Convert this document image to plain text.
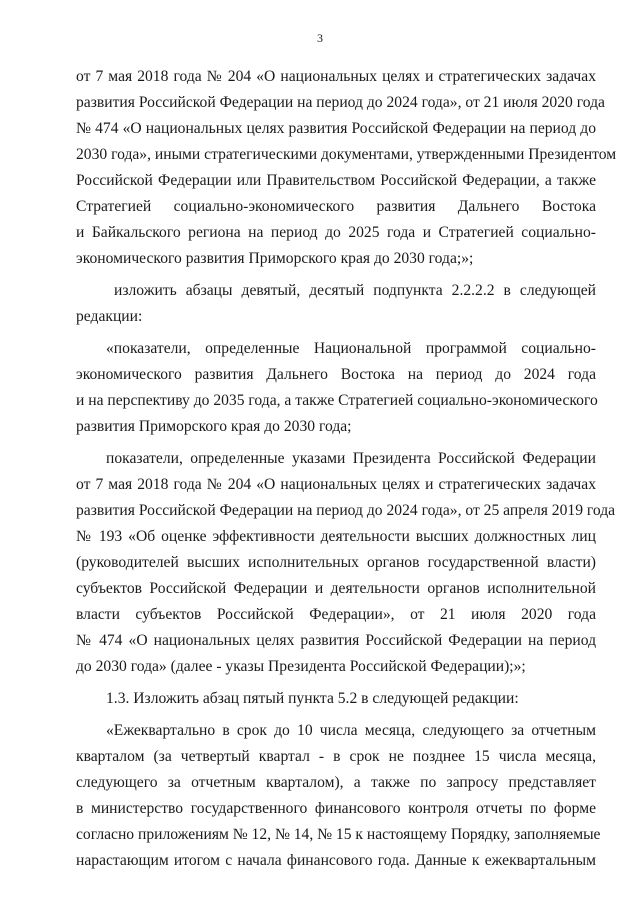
3
от 7 мая 2018 года № 204 «О национальных целях и стратегических задачах
развития Российской Федерации на период до 2024 года», от 21 июля 2020 года
№ 474 «О национальных целях развития Российской Федерации на период до
2030 года», иными стратегическими документами, утвержденными Президентом
Российской Федерации или Правительством Российской Федерации, а также
Стратегией социально-экономического развития Дальнего Востока
и Байкальского региона на период до 2025 года и Стратегией социально-
экономического развития Приморского края до 2030 года;»;
изложить абзацы девятый, десятый подпункта 2.2.2.2 в следующей
редакции:
«показатели, определенные Национальной программой социально-
экономического развития Дальнего Востока на период до 2024 года
и на перспективу до 2035 года, а также Стратегией социально-экономического
развития Приморского края до 2030 года;
показатели, определенные указами Президента Российской Федерации
от 7 мая 2018 года № 204 «О национальных целях и стратегических задачах
развития Российской Федерации на период до 2024 года», от 25 апреля 2019 года
№ 193 «Об оценке эффективности деятельности высших должностных лиц
(руководителей высших исполнительных органов государственной власти)
субъектов Российской Федерации и деятельности органов исполнительной
власти субъектов Российской Федерации», от 21 июля 2020 года
№ 474 «О национальных целях развития Российской Федерации на период
до 2030 года» (далее - указы Президента Российской Федерации);»;
1.3. Изложить абзац пятый пункта 5.2 в следующей редакции:
«Ежеквартально в срок до 10 числа месяца, следующего за отчетным
кварталом (за четвертый квартал - в срок не позднее 15 числа месяца,
следующего за отчетным кварталом), а также по запросу представляет
в министерство государственного финансового контроля отчеты по форме
согласно приложениям № 12, № 14, № 15 к настоящему Порядку, заполняемые
нарастающим итогом с начала финансового года. Данные к ежеквартальным
